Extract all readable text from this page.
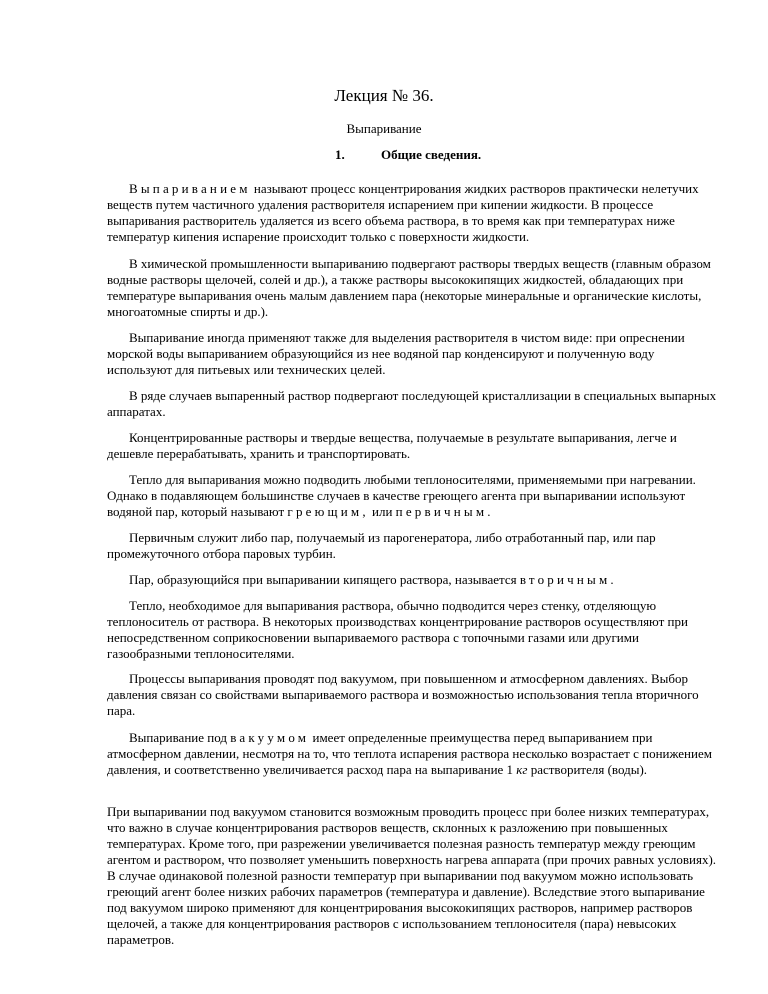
Лекция № 36.
Выпаривание
1.	Общие сведения.
Выпариванием называют процесс концентрирования жидких растворов практически нелетучих веществ путем частичного удаления растворителя испарением при кипении жидкости. В процессе выпаривания растворитель удаляется из всего объема раствора, в то время как при температурах ниже температур кипения испарение происходит только с поверхности жидкости.
В химической промышленности выпариванию подвергают растворы твердых веществ (главным образом водные растворы щелочей, солей и др.), а также растворы высококипящих жидкостей, обладающих при температуре выпаривания очень малым давлением пара (некоторые минеральные и органические кислоты, многоатомные спирты и др.).
Выпаривание иногда применяют также для выделения растворителя в чистом виде: при опреснении морской воды выпариванием образующийся из нее водяной пар конденсируют и полученную воду используют для питьевых или технических целей.
В ряде случаев выпаренный раствор подвергают последующей кристаллизации в специальных выпарных аппаратах.
Концентрированные растворы и твердые вещества, получаемые в результате выпаривания, легче и дешевле перерабатывать, хранить и транспортировать.
Тепло для выпаривания можно подводить любыми теплоносителями, применяемыми при нагревании. Однако в подавляющем большинстве случаев в качестве греющего агента при выпаривании используют водяной пар, который называют греющим, или первичным.
Первичным служит либо пар, получаемый из парогенератора, либо отработанный пар, или пар промежуточного отбора паровых турбин.
Пар, образующийся при выпаривании кипящего раствора, называется вторичным.
Тепло, необходимое для выпаривания раствора, обычно подводится через стенку, отделяющую теплоноситель от раствора. В некоторых производствах концентрирование растворов осуществляют при непосредственном соприкосновении выпариваемого раствора с топочными газами или другими газообразными теплоносителями.
Процессы выпаривания проводят под вакуумом, при повышенном и атмосферном давлениях. Выбор давления связан со свойствами выпариваемого раствора и возможностью использования тепла вторичного пара.
Выпаривание под вакуумом имеет определенные преимущества перед выпариванием при атмосферном давлении, несмотря на то, что теплота испарения раствора несколько возрастает с понижением давления, и соответственно увеличивается расход пара на выпаривание 1 кг растворителя (воды).
При выпаривании под вакуумом становится возможным проводить процесс при более низких температурах, что важно в случае концентрирования растворов веществ, склонных к разложению при повышенных температурах. Кроме того, при разрежении увеличивается полезная разность температур между греющим агентом и раствором, что позволяет уменьшить поверхность нагрева аппарата (при прочих равных условиях). В случае одинаковой полезной разности температур при выпаривании под вакуумом можно использовать греющий агент более низких рабочих параметров (температура и давление). Вследствие этого выпаривание под вакуумом широко применяют для концентрирования высококипящих растворов, например растворов щелочей, а также для концентрирования растворов с использованием теплоносителя (пара) невысоких параметров.
